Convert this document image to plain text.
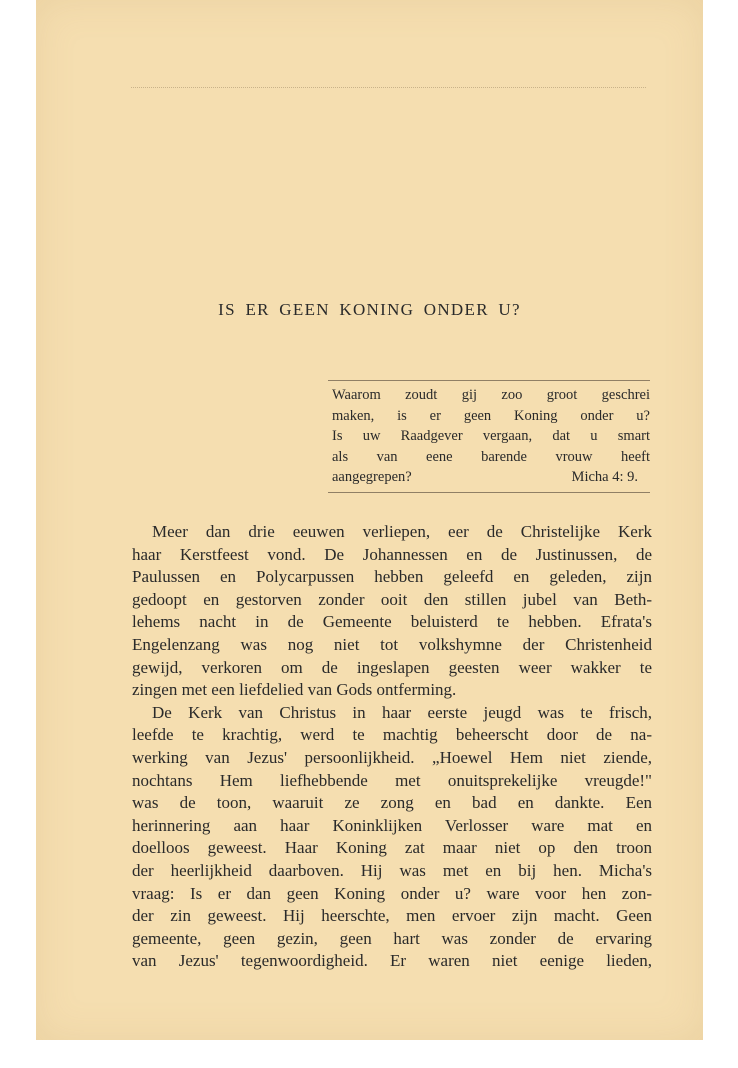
IS ER GEEN KONING ONDER U?
Waarom zoudt gij zoo groot geschrei
maken, is er geen Koning onder u?
Is uw Raadgever vergaan, dat u smart
als van eene barende vrouw heeft
aangegrepen?	Micha 4: 9.
Meer dan drie eeuwen verliepen, eer de Christelijke Kerk
haar Kerstfeest vond. De Johannessen en de Justinussen, de
Paulussen en Polycarpussen hebben geleefd en geleden, zijn
gedoopt en gestorven zonder ooit den stillen jubel van Beth-
lehems nacht in de Gemeente beluisterd te hebben. Efrata's
Engelenzang was nog niet tot volkshymne der Christenheid
gewijd, verkoren om de ingeslapen geesten weer wakker te
zingen met een liefdelied van Gods ontferming.
De Kerk van Christus in haar eerste jeugd was te frisch,
leefde te krachtig, werd te machtig beheerscht door de na-
werking van Jezus' persoonlijkheid. „Hoewel Hem niet ziende,
nochtans Hem liefhebbende met onuitsprekelijke vreugde!"
was de toon, waaruit ze zong en bad en dankte. Een
herinnering aan haar Koninklijken Verlosser ware mat en
doelloos geweest. Haar Koning zat maar niet op den troon
der heerlijkheid daarboven. Hij was met en bij hen. Micha's
vraag: Is er dan geen Koning onder u? ware voor hen zon-
der zin geweest. Hij heerschte, men ervoer zijn macht. Geen
gemeente, geen gezin, geen hart was zonder de ervaring
van Jezus' tegenwoordigheid. Er waren niet eenige lieden,
